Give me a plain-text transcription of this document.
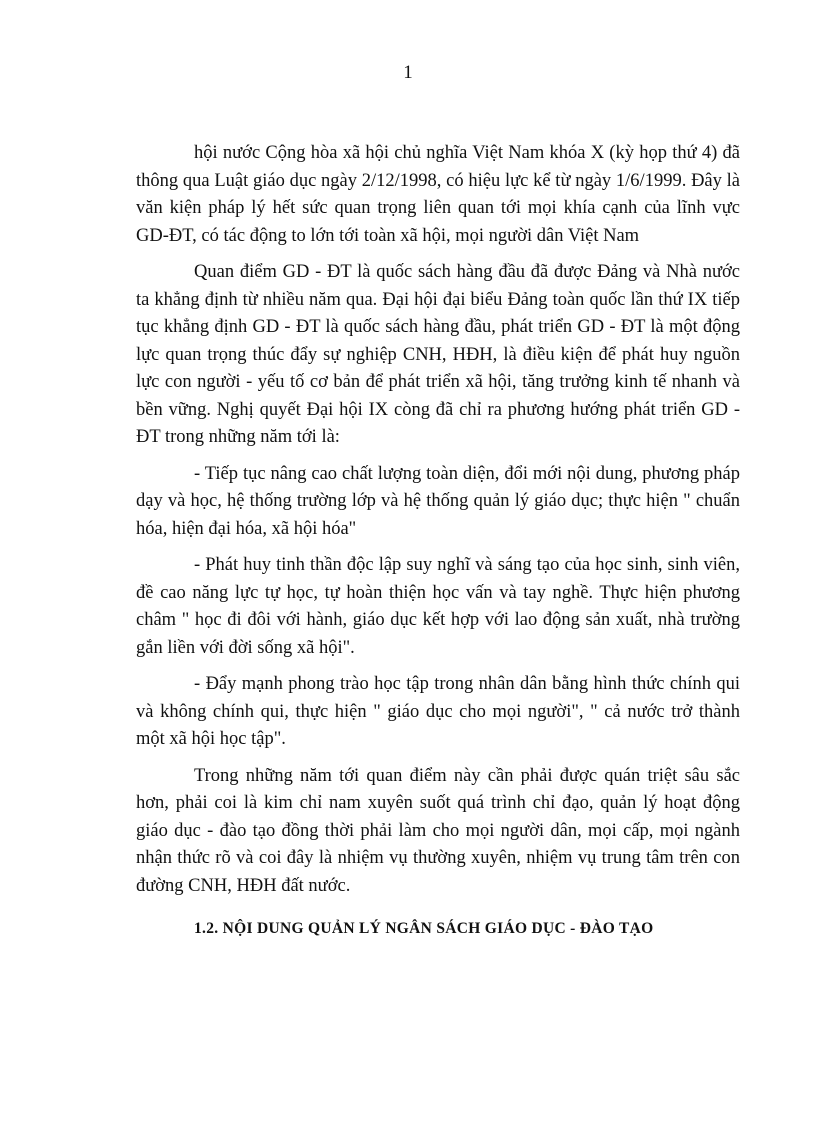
1

hội nước Cộng hòa xã hội chủ nghĩa Việt Nam khóa X (kỳ họp thứ 4) đã thông qua Luật giáo dục ngày 2/12/1998, có hiệu lực kể từ ngày 1/6/1999. Đây là văn kiện pháp lý hết sức quan trọng liên quan tới mọi khía cạnh của lĩnh vực GD-ĐT, có tác động to lớn tới toàn xã hội, mọi người dân Việt Nam

Quan điểm GD - ĐT là quốc sách hàng đầu đã được Đảng và Nhà nước ta khẳng định từ nhiều năm qua. Đại hội đại biểu Đảng toàn quốc lần thứ IX tiếp tục khẳng định GD - ĐT là quốc sách hàng đầu, phát triển GD - ĐT là một động lực quan trọng thúc đẩy sự nghiệp CNH, HĐH, là điều kiện để phát huy nguồn lực con người - yếu tố cơ bản để phát triển xã hội, tăng trưởng kinh tế nhanh và bền vững. Nghị quyết Đại hội IX còng đã chỉ ra phương hướng phát triển GD - ĐT trong những năm tới là:

- Tiếp tục nâng cao chất lượng toàn diện, đổi mới nội dung, phương pháp dạy và học, hệ thống trường lớp và hệ thống quản lý giáo dục; thực hiện " chuẩn hóa, hiện đại hóa, xã hội hóa"

- Phát huy tinh thần độc lập suy nghĩ và sáng tạo của học sinh, sinh viên, đề cao năng lực tự học, tự hoàn thiện học vấn và tay nghề. Thực hiện phương châm " học đi đôi với hành, giáo dục kết hợp với lao động sản xuất, nhà trường gắn liền với đời sống xã hội".

- Đẩy mạnh phong trào học tập trong nhân dân bằng hình thức chính qui và không chính qui, thực hiện " giáo dục cho mọi người", " cả nước trở thành một xã hội học tập".

Trong những năm tới quan điểm này cần phải được quán triệt sâu sắc hơn, phải coi là kim chỉ nam xuyên suốt quá trình chỉ đạo, quản lý hoạt động giáo dục - đào tạo đồng thời phải làm cho mọi người dân, mọi cấp, mọi ngành nhận thức rõ và coi đây là nhiệm vụ thường xuyên, nhiệm vụ trung tâm trên con đường CNH, HĐH đất nước.

1.2. NỘI DUNG QUẢN LÝ NGÂN SÁCH GIÁO DỤC - ĐÀO TẠO
